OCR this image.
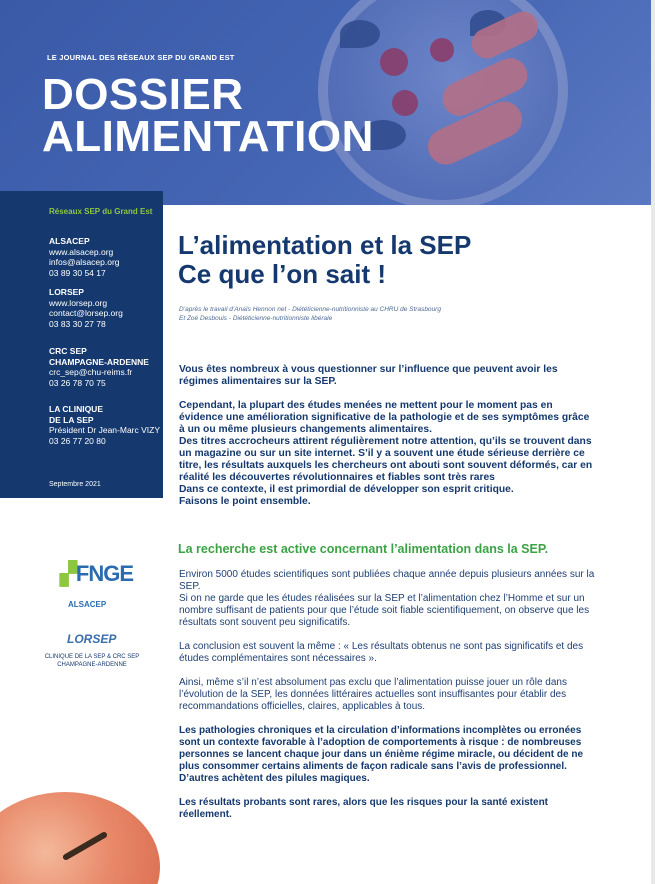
LE JOURNAL DES RÉSEAUX SEP DU GRAND EST
DOSSIER
ALIMENTATION
Réseaux SEP du Grand Est
ALSACEP
www.alsacep.org
infos@alsacep.org
03 89 30 54 17
LORSEP
www.lorsep.org
contact@lorsep.org
03 83 30 27 78
CRC SEP
CHAMPAGNE-ARDENNE
crc_sep@chu-reims.fr
03 26 78 70 75
LA CLINIQUE
DE LA SEP
Président Dr Jean-Marc VIZY
03 26 77 20 80
Septembre 2021
▞FNGE
ALSACEP
LORSEP
CLINIQUE DE LA SEP & CRC SEP CHAMPAGNE-ARDENNE
L’alimentation et la SEP
Ce que l’on sait !
D’après le travail d’Anaïs Hennon net - Diététicienne-nutritionniste au CHRU de Strasbourg
Et Zoé Desbouis - Diététicienne-nutritionniste libérale

Vous êtes nombreux à vous questionner sur l’influence que peuvent avoir les régimes alimentaires sur la SEP.

Cependant, la plupart des études menées ne mettent pour le moment pas en évidence une amélioration significative de la pathologie et de ses symptômes grâce à un ou même plusieurs changements alimentaires.

Des titres accrocheurs attirent régulièrement notre attention, qu’ils se trouvent dans un magazine ou sur un site internet. S’il y a souvent une étude sérieuse derrière ce titre, les résultats auxquels les chercheurs ont abouti sont souvent déformés, car en réalité les découvertes révolutionnaires et fiables sont très rares

Dans ce contexte, il est primordial de développer son esprit critique.

Faisons le point ensemble.

La recherche est active concernant l’alimentation dans la SEP.

Environ 5000 études scientifiques sont publiées chaque année depuis plusieurs années sur la SEP.

Si on ne garde que les études réalisées sur la SEP et l’alimentation chez l’Homme et sur un nombre suffisant de patients pour que l’étude soit fiable scientifiquement, on observe que les résultats sont souvent peu significatifs.

La conclusion est souvent la même : « Les résultats obtenus ne sont pas significatifs et des études complémentaires sont nécessaires ».

Ainsi, même s’il n’est absolument pas exclu que l’alimentation puisse jouer un rôle dans l’évolution de la SEP, les données littéraires actuelles sont insuffisantes pour établir des recommandations officielles, claires, applicables à tous.

Les pathologies chroniques et la circulation d’informations incomplètes ou erronées sont un contexte favorable à l’adoption de comportements à risque : de nombreuses personnes se lancent chaque jour dans un énième régime miracle, ou décident de ne plus consommer certains aliments de façon radicale sans l’avis de professionnel. D’autres achètent des pilules magiques.

Les résultats probants sont rares, alors que les risques pour la santé existent réellement.
